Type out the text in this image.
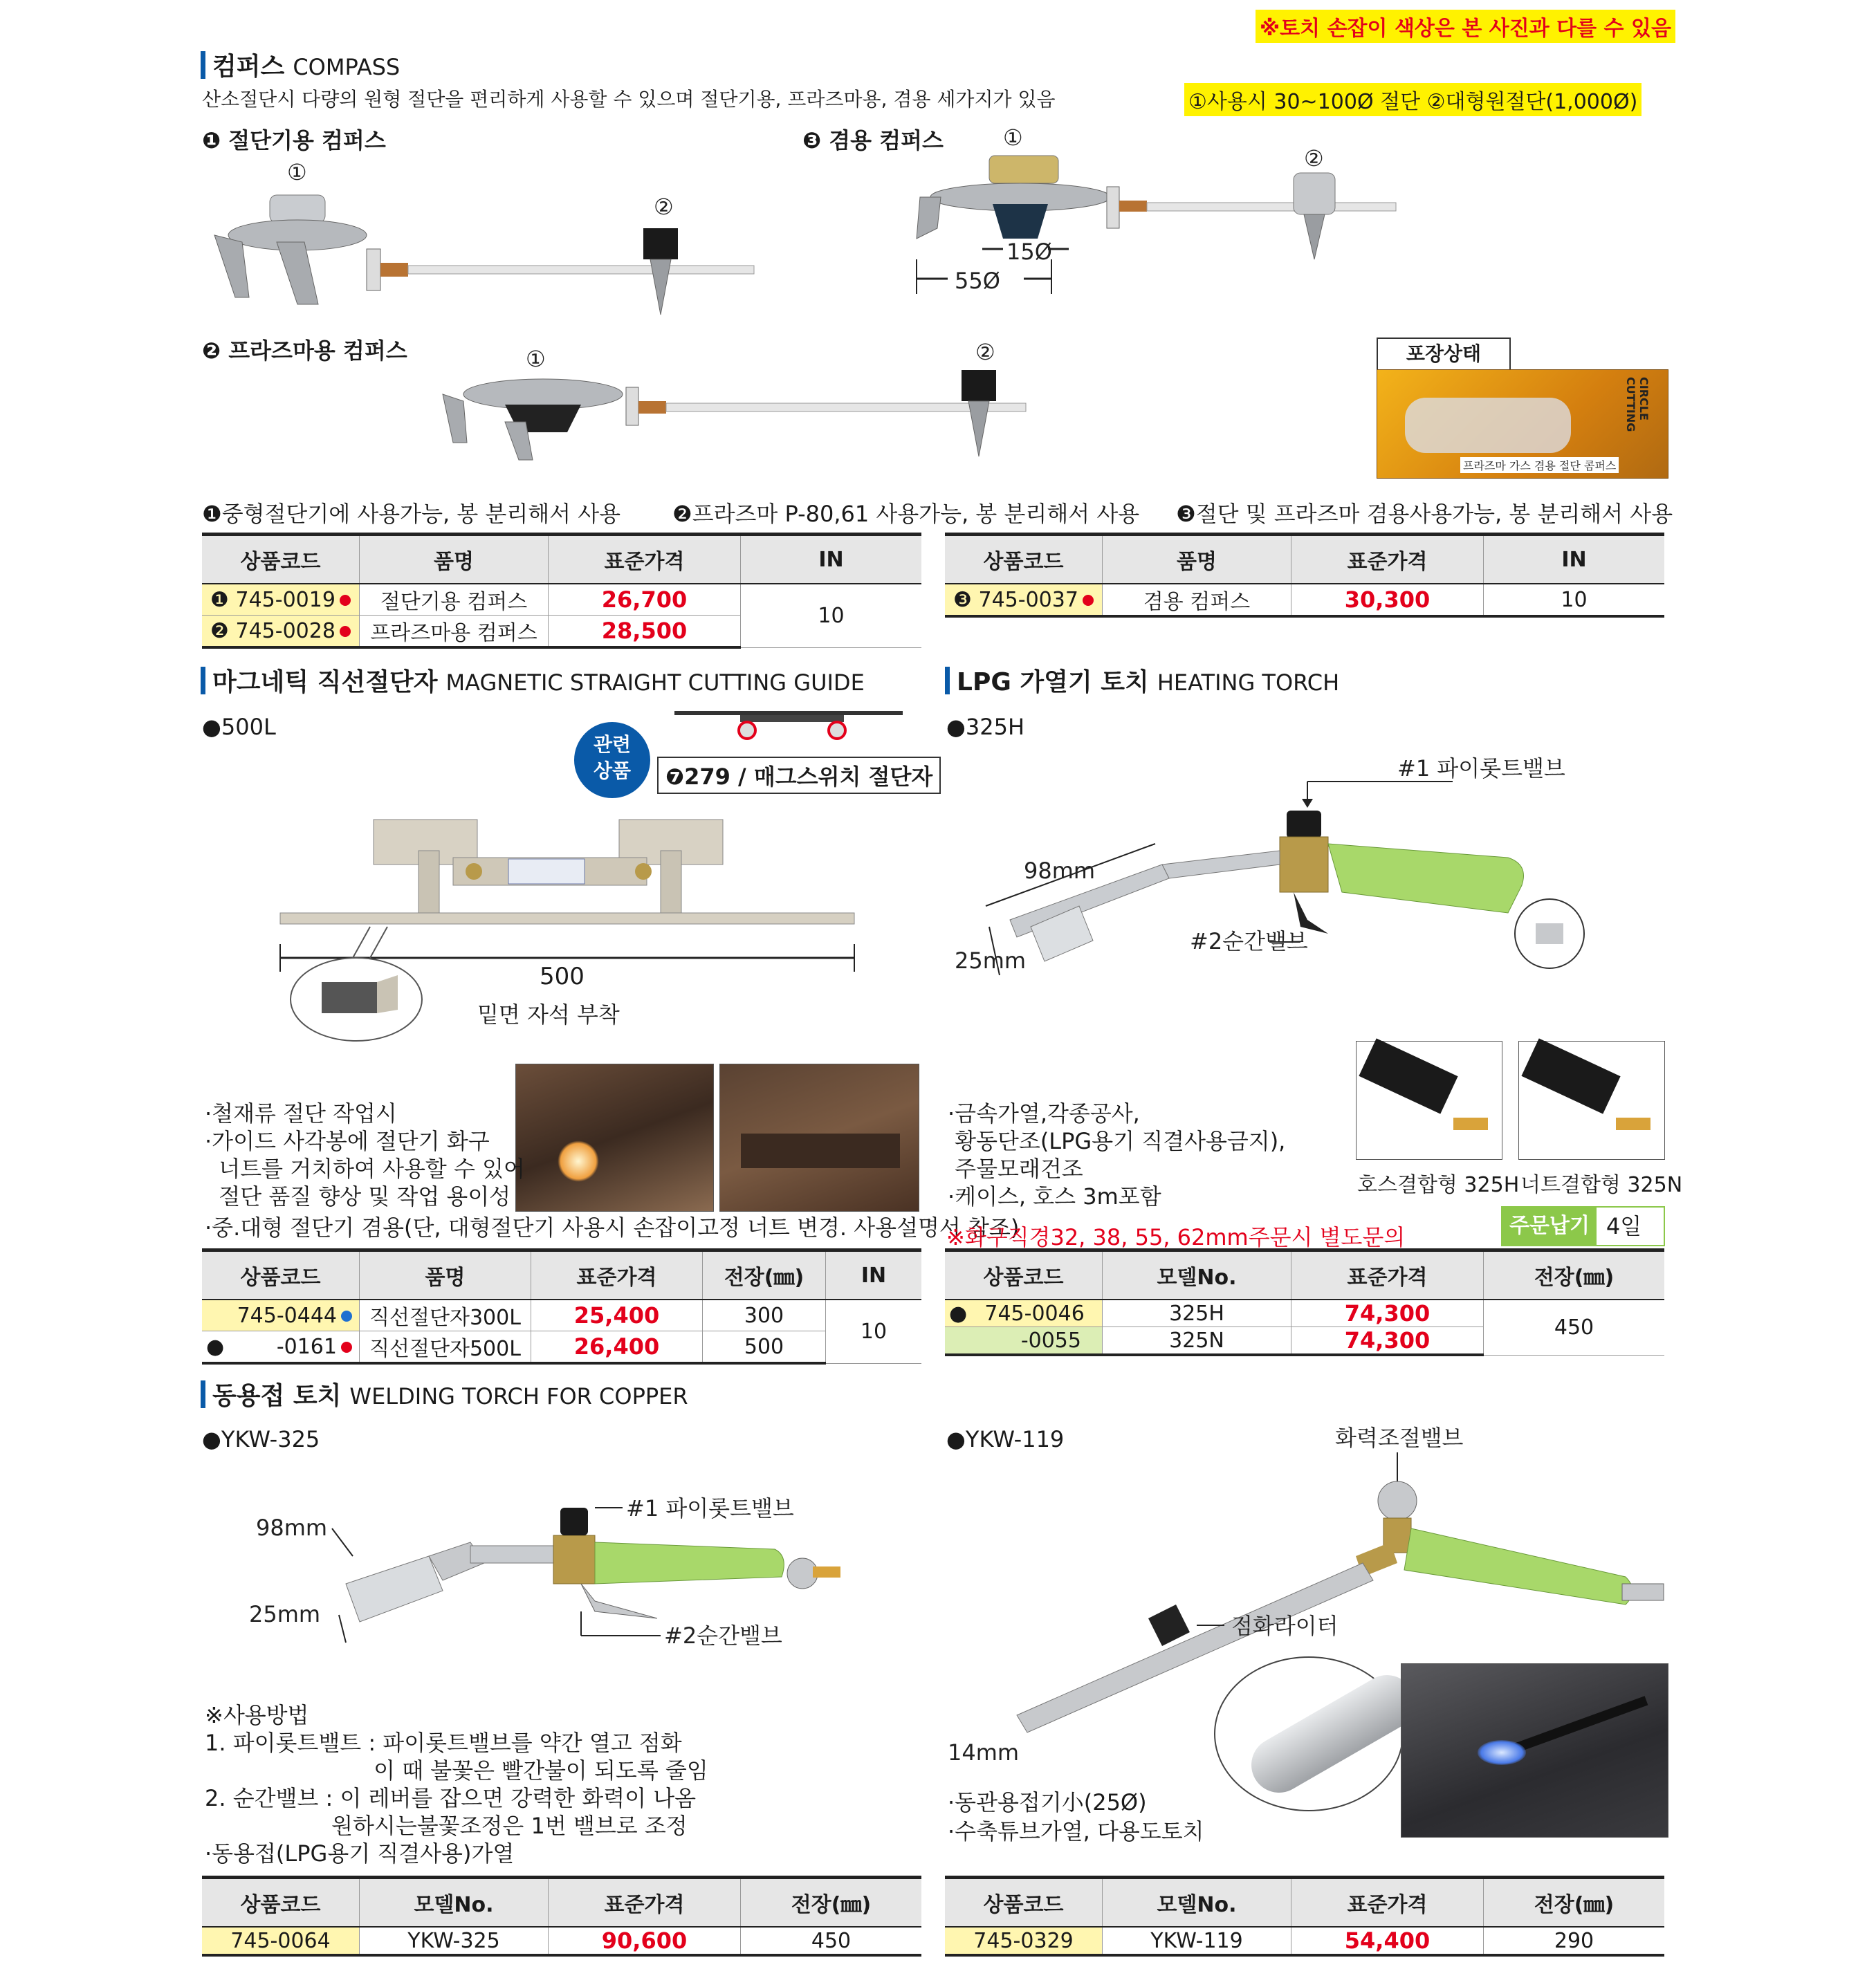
※토치 손잡이 색상은 본 사진과 다를 수 있음
컴퍼스 COMPASS
산소절단시 다량의 원형 절단을 편리하게 사용할 수 있으며 절단기용, 프라즈마용, 겸용 세가지가 있음	①사용시 30~100Ø 절단 ②대형원절단(1,000Ø)
❶ 절단기용 컴퍼스	❸ 겸용 컴퍼스
❷ 프라즈마용 컴퍼스
①
②
①	②
①
②
15Ø
55Ø
포장상태
CIRCLE CUTTING
프라즈마 가스 겸용 절단 콤퍼스
❶중형절단기에 사용가능, 봉 분리해서 사용 ❷프라즈마 P-80,61 사용가능, 봉 분리해서 사용 ❸절단 및 프라즈마 겸용사용가능, 봉 분리해서 사용
상품코드	품명	표준가격	IN
❶ 745-0019	절단기용 컴퍼스	26,700	10
❷ 745-0028	프라즈마용 컴퍼스	28,500	
상품코드	품명	표준가격	IN
❸ 745-0037	겸용 컴퍼스	30,300	10
마그네틱 직선절단자 MAGNETIC STRAIGHT CUTTING GUIDE
●500L
관련
상품	❼279 / 매그스위치 절단자
500
밑면 자석 부착
·철재류 절단 작업시
·가이드 사각봉에 절단기 화구
너트를 거치하여 사용할 수 있어
절단 품질 향상 및 작업 용이성
·중.대형 절단기 겸용(단, 대형절단기 사용시 손잡이고정 너트 변경. 사용설명서 참조)
상품코드	품명	표준가격	전장(㎜)	IN
745-0444	직선절단자300L	25,400	300	10

● -0161	직선절단자500L	26,400	500	
LPG 가열기 토치 HEATING TORCH
●325H
#1 파이롯트밸브
98mm
25mm
#2순간밸브
호스결합형 325H 너트결합형 325N
·금속가열,각종공사,
황동단조(LPG용기 직결사용금지),
주물모래건조
·케이스, 호스 3m포함
※화구직경32, 38, 55, 62mm주문시 별도문의	주문납기 4일
상품코드	모델No.	표준가격	전장(㎜)

● 745-0046	325H	74,300	450
-0055	325N	74,300	
동용접 토치 WELDING TORCH FOR COPPER
●YKW-325	●YKW-119
98mm
25mm
#1 파이롯트밸브
#2순간밸브
※사용방법
1. 파이롯트밸트 : 파이롯트밸브를 약간 열고 점화
이 때 불꽃은 빨간불이 되도록 줄임
2. 순간밸브 : 이 레버를 잡으면 강력한 화력이 나옴
원하시는불꽃조정은 1번 밸브로 조정
·동용접(LPG용기 직결사용)가열
화력조절밸브
점화라이터
14mm
·동관용접기小(25Ø)
·수축튜브가열, 다용도토치
상품코드	모델No.	표준가격	전장(㎜)
745-0064	YKW-325	90,600	450
상품코드	모델No.	표준가격	전장(㎜)
745-0329	YKW-119	54,400	290
